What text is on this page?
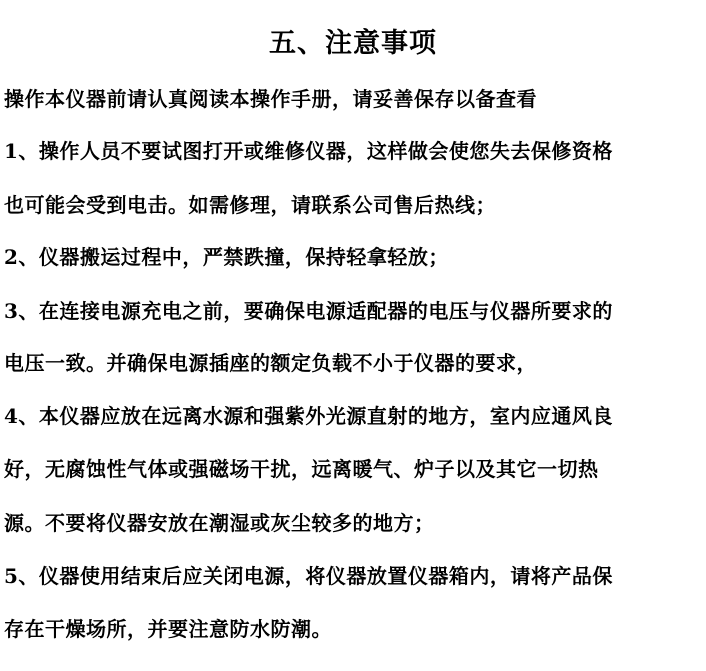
五、注意事项
操作本仪器前请认真阅读本操作手册，请妥善保存以备查看
1、操作人员不要试图打开或维修仪器，这样做会使您失去保修资格
也可能会受到电击。如需修理，请联系公司售后热线；
2、仪器搬运过程中，严禁跌撞，保持轻拿轻放；
3、在连接电源充电之前，要确保电源适配器的电压与仪器所要求的
电压一致。并确保电源插座的额定负载不小于仪器的要求，
4、本仪器应放在远离水源和强紫外光源直射的地方，室内应通风良
好，无腐蚀性气体或强磁场干扰，远离暖气、炉子以及其它一切热
源。不要将仪器安放在潮湿或灰尘较多的地方；
5、仪器使用结束后应关闭电源，将仪器放置仪器箱内，请将产品保
存在干燥场所，并要注意防水防潮。
